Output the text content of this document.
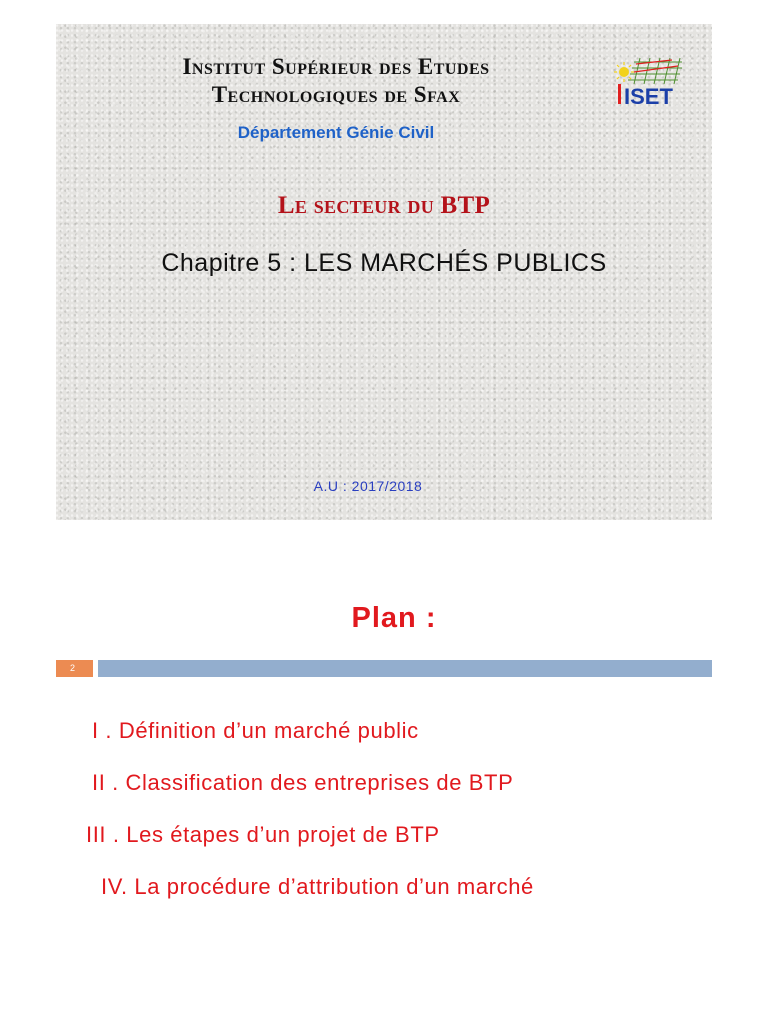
Institut Supérieur des Etudes
Technologiques de Sfax
Département Génie Civil
ISET
Le secteur du BTP
Chapitre 5 : LES MARCHÉS PUBLICS
A.U : 2017/2018
Plan :
2
I . Définition d’un marché public
II . Classification des entreprises de BTP
III . Les étapes d’un projet de BTP
IV. La procédure d’attribution d’un marché
